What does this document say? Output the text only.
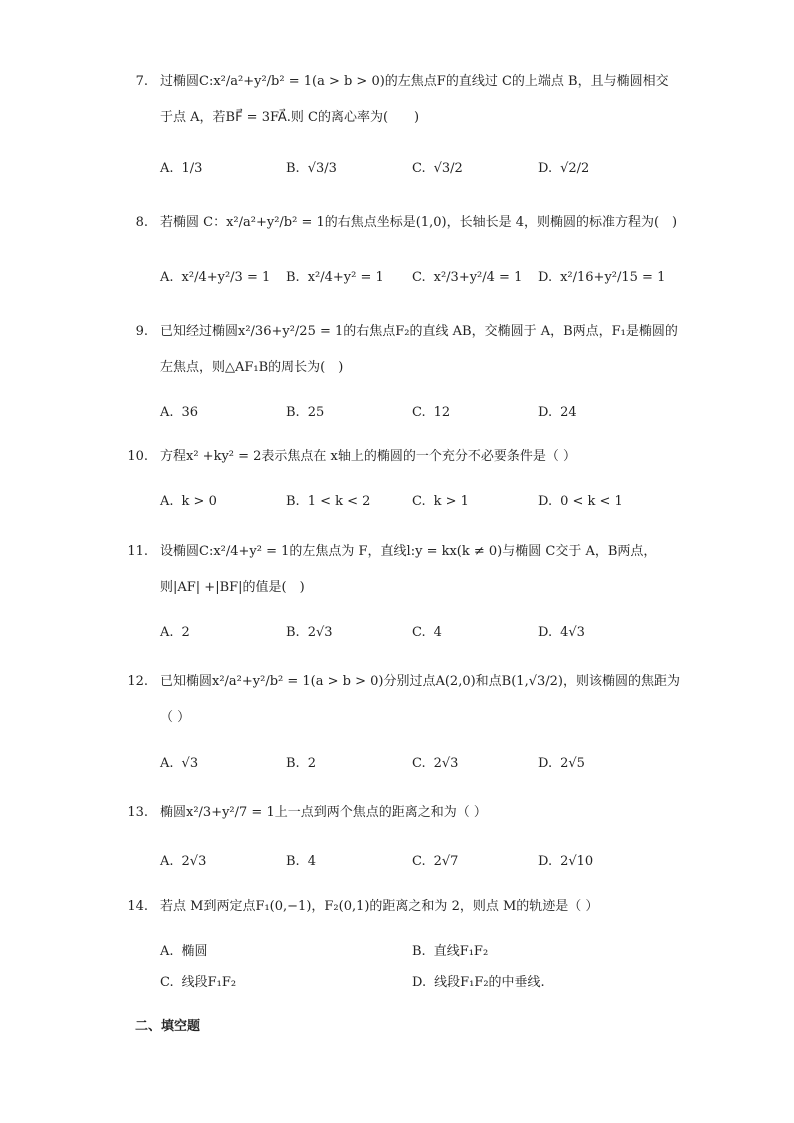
7. 过椭圆C:x²/a²+y²/b² = 1(a > b > 0)的左焦点F的直线过 C的上端点 B，且与椭圆相交
于点 A，若BF⃗ = 3FA⃗.则 C的离心率为(　　)
A. 1/3	B. √3/3	C. √3/2	D. √2/2
8. 若椭圆 C：x²/a²+y²/b² = 1的右焦点坐标是(1,0)，长轴长是 4，则椭圆的标准方程为(　)
A. x²/4+y²/3 = 1 B. x²/4+y² = 1 C. x²/3+y²/4 = 1 D. x²/16+y²/15 = 1
9. 已知经过椭圆x²/36+y²/25 = 1的右焦点F₂的直线 AB，交椭圆于 A，B两点，F₁是椭圆的
左焦点，则△AF₁B的周长为(　)
A. 36	B. 25	C. 12	D. 24
10. 方程x² +ky² = 2表示焦点在 x轴上的椭圆的一个充分不必要条件是（ ）
A. k > 0	B. 1 < k < 2	C. k > 1	D. 0 < k < 1
11. 设椭圆C:x²/4+y² = 1的左焦点为 F，直线l:y = kx(k ≠ 0)与椭圆 C交于 A，B两点，
则|AF| +|BF|的值是(　)
A. 2	B. 2√3	C. 4	D. 4√3
12. 已知椭圆x²/a²+y²/b² = 1(a > b > 0)分别过点A(2,0)和点B(1,√3/2)，则该椭圆的焦距为
（ ）
A. √3	B. 2	C. 2√3	D. 2√5
13. 椭圆x²/3+y²/7 = 1上一点到两个焦点的距离之和为（ ）
A. 2√3	B. 4	C. 2√7	D. 2√10
14. 若点 M到两定点F₁(0,−1)，F₂(0,1)的距离之和为 2，则点 M的轨迹是（ ）
A. 椭圆	B. 直线F₁F₂
C. 线段F₁F₂	D. 线段F₁F₂的中垂线.
二、填空题
